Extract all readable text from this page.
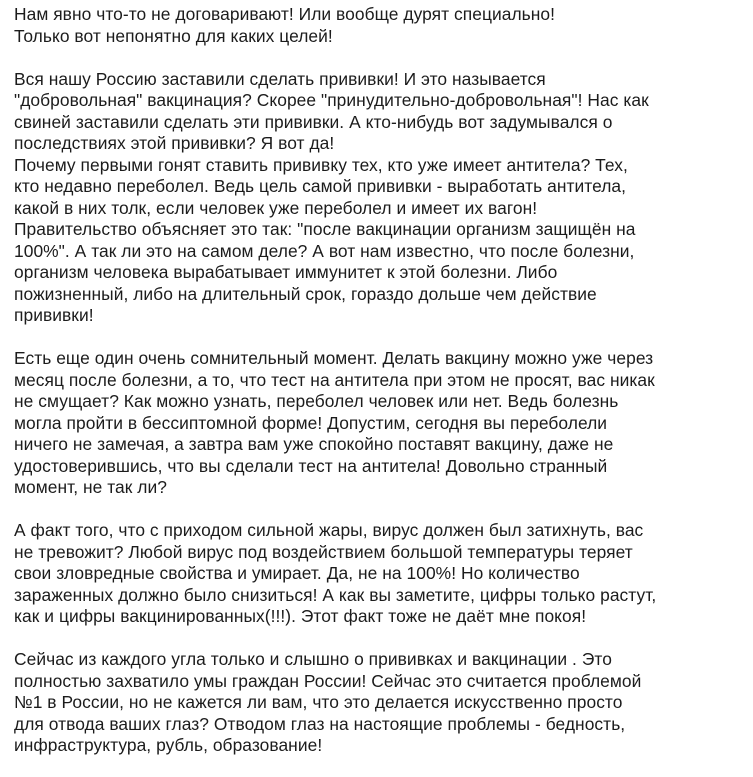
Нам явно что-то не договаривают! Или вообще дурят специально!
Только вот непонятно для каких целей!
Вся нашу Россию заставили сделать прививки! И это называется
"добровольная" вакцинация? Скорее "принудительно-добровольная"! Нас как
свиней заставили сделать эти прививки. А кто-нибудь вот задумывался о
последствиях этой прививки? Я вот да!
Почему первыми гонят ставить прививку тех, кто уже имеет антитела? Тех,
кто недавно переболел. Ведь цель самой прививки - выработать антитела,
какой в них толк, если человек уже переболел и имеет их вагон!
Правительство объясняет это так: "после вакцинации организм защищён на
100%". А так ли это на самом деле? А вот нам известно, что после болезни,
организм человека вырабатывает иммунитет к этой болезни. Либо
пожизненный, либо на длительный срок, гораздо дольше чем действие
прививки!
Есть еще один очень сомнительный момент. Делать вакцину можно уже через
месяц после болезни, а то, что тест на антитела при этом не просят, вас никак
не смущает? Как можно узнать, переболел человек или нет. Ведь болезнь
могла пройти в бессиптомной форме! Допустим, сегодня вы переболели
ничего не замечая, а завтра вам уже спокойно поставят вакцину, даже не
удостоверившись, что вы сделали тест на антитела! Довольно странный
момент, не так ли?
А факт того, что с приходом сильной жары, вирус должен был затихнуть, вас
не тревожит? Любой вирус под воздействием большой температуры теряет
свои зловредные свойства и умирает. Да, не на 100%! Но количество
зараженных должно было снизиться! А как вы заметите, цифры только растут,
как и цифры вакцинированных(!!!). Этот факт тоже не даёт мне покоя!
Сейчас из каждого угла только и слышно о прививках и вакцинации . Это
полностью захватило умы граждан России! Сейчас это считается проблемой
№1 в России, но не кажется ли вам, что это делается искусственно просто
для отвода ваших глаз? Отводом глаз на настоящие проблемы - бедность,
инфраструктура, рубль, образование!
